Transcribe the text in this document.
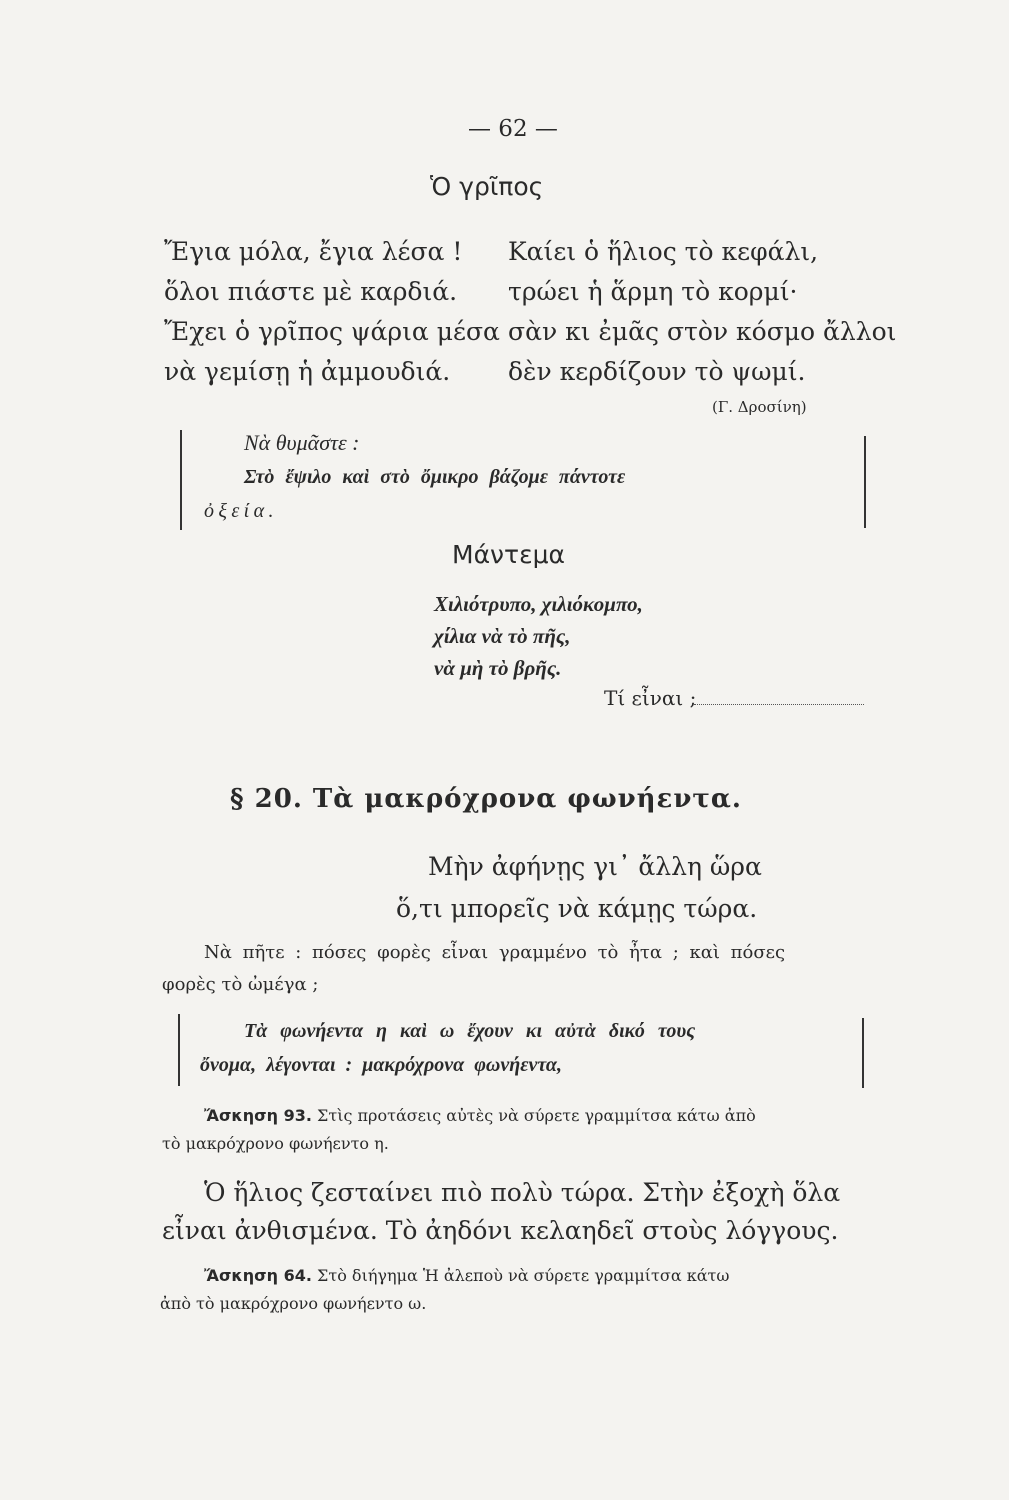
— 62 —
Ὁ γρῖπος
Ἔγια μόλα, ἔγια λέσα !
ὅλοι πιάστε μὲ καρδιά.
Ἔχει ὁ γρῖπος ψάρια μέσα
νὰ γεμίσῃ ἡ ἀμμουδιά.
Καίει ὁ ἥλιος τὸ κεφάλι,
τρώει ἡ ἅρμη τὸ κορμί·
σὰν κι ἐμᾶς στὸν κόσμο ἄλλοι
δὲν κερδίζουν τὸ ψωμί.
(Γ. Δροσίνη)
Νὰ θυμᾶστε :
Στὸ ἔψιλο καὶ στὸ ὄμικρο βάζομε πάντοτε
ὀξεία.
Μάντεμα
Χιλιότρυπο, χιλιόκομπο,
χίλια νὰ τὸ πῆς,
νὰ μὴ τὸ βρῆς.
Τί εἶναι ;
§ 20. Τὰ μακρόχρονα φωνήεντα.
Μὴν ἀφήνῃς γι᾽ ἄλλη ὥρα
ὅ,τι μπορεῖς νὰ κάμῃς τώρα.
Νὰ πῆτε : πόσες φορὲς εἶναι γραμμένο τὸ ἦτα ; καὶ πόσες
φορὲς τὸ ὠμέγα ;
Τὰ φωνήεντα η καὶ ω ἔχουν κι αὐτὰ δικό τους
ὄνομα, λέγονται : μακρόχρονα φωνήεντα,
Ἄσκηση 93. Στὶς προτάσεις αὐτὲς νὰ σύρετε γραμμίτσα κάτω ἀπὸ
τὸ μακρόχρονο φωνήεντο η.
Ὁ ἥλιος ζεσταίνει πιὸ πολὺ τώρα. Στὴν ἐξοχὴ ὅλα
εἶναι ἀνθισμένα. Τὸ ἀηδόνι κελαηδεῖ στοὺς λόγγους.
Ἄσκηση 64. Στὸ διήγημα Ἡ ἀλεποὺ νὰ σύρετε γραμμίτσα κάτω
ἀπὸ τὸ μακρόχρονο φωνήεντο ω.
